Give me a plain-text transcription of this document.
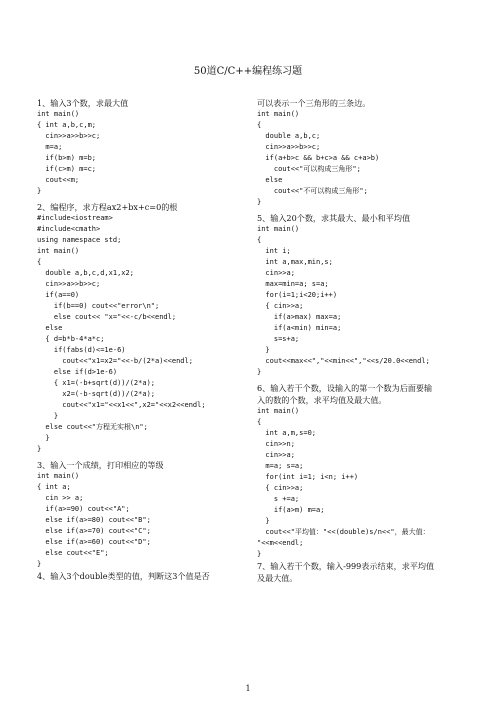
50道C/C++编程练习题
1、输入3个数，求最大值
int main()
{ int a,b,c,m;
cin>>a>>b>>c;
m=a;
if(b>m) m=b;
if(c>m) m=c;
cout<<m;
}
2、编程序，求方程ax2+bx+c=0的根
#include<iostream>
#include<cmath>
using namespace std;
int main()
{
double a,b,c,d,x1,x2;
cin>>a>>b>>c;
if(a==0)
if(b==0) cout<<"error\n";
else cout<< "x="<<-c/b<<endl;
else
{ d=b*b-4*a*c;
if(fabs(d)<=1e-6)
cout<<"x1=x2="<<-b/(2*a)<<endl;
else if(d>1e-6)
{ x1=(-b+sqrt(d))/(2*a);
x2=(-b-sqrt(d))/(2*a);
cout<<"x1="<<x1<<",x2="<<x2<<endl;
}
else cout<<"方程无实根\n";
}
}
3、输入一个成绩，打印相应的等级
int main()
{ int a;
cin >> a;
if(a>=90) cout<<"A";
else if(a>=80) cout<<"B";
else if(a>=70) cout<<"C";
else if(a>=60) cout<<"D";
else cout<<"E";
}
4、输入3个double类型的值，判断这3个值是否
可以表示一个三角形的三条边。
int main()
{
double a,b,c;
cin>>a>>b>>c;
if(a+b>c && b+c>a && c+a>b)
cout<<"可以构成三角形";
else
cout<<"不可以构成三角形";
}
5、输入20个数，求其最大、最小和平均值
int main()
{
int i;
int a,max,min,s;
cin>>a;
max=min=a; s=a;
for(i=1;i<20;i++)
{ cin>>a;
if(a>max) max=a;
if(a<min) min=a;
s=s+a;
}
cout<<max<<","<<min<<","<<s/20.0<<endl;
}
6、输入若干个数，设输入的第一个数为后面要输
入的数的个数，求平均值及最大值。
int main()
{
int a,m,s=0;
cin>>n;
cin>>a;
m=a; s=a;
for(int i=1; i<n; i++)
{ cin>>a;
s +=a;
if(a>m) m=a;
}
cout<<"平均值："<<(double)s/n<<"，最大值：
"<<m<<endl;
}
7、输入若干个数，输入-999表示结束，求平均值
及最大值。
1
